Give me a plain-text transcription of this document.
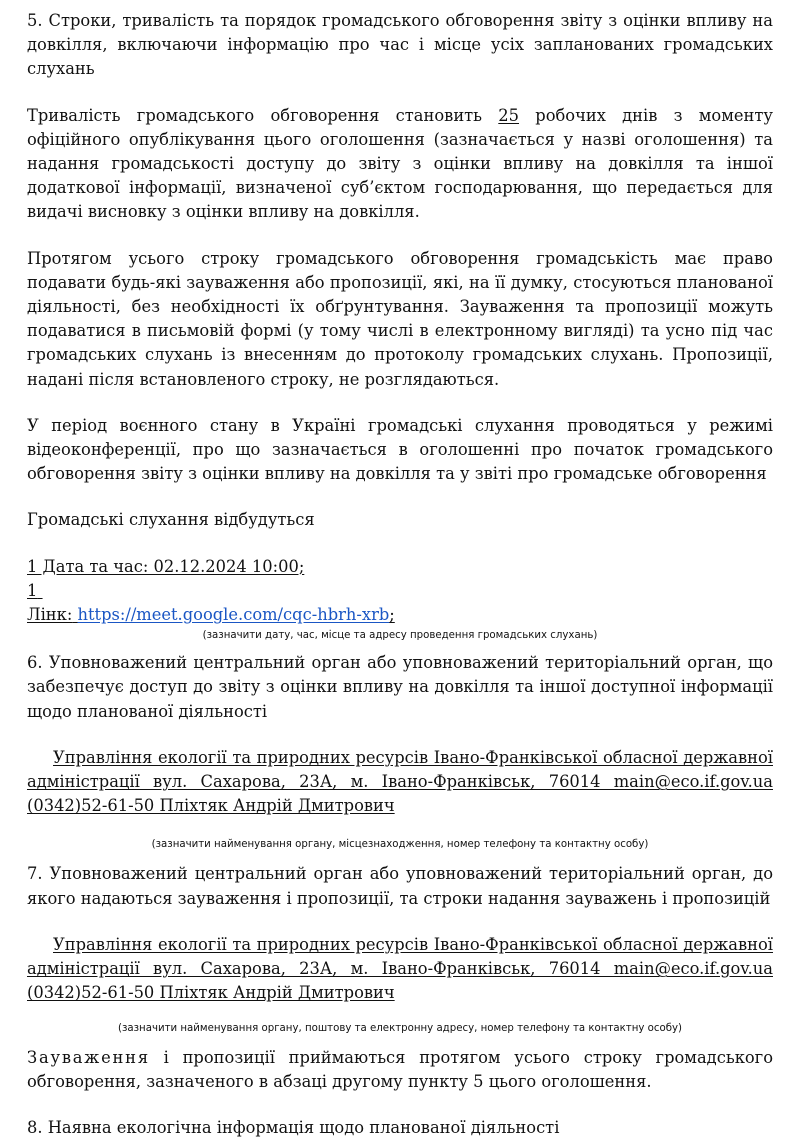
5. Строки, тривалість та порядок громадського обговорення звіту з оцінки впливу на довкілля, включаючи інформацію про час і місце усіх запланованих громадських слухань

Тривалість громадського обговорення становить 25 робочих днів з моменту офіційного опублікування цього оголошення (зазначається у назві оголошення) та надання громадськості доступу до звіту з оцінки впливу на довкілля та іншої додаткової інформації, визначеної суб’єктом господарювання, що передається для видачі висновку з оцінки впливу на довкілля.

Протягом усього строку громадського обговорення громадськість має право подавати будь-які зауваження або пропозиції, які, на її думку, стосуються планованої діяльності, без необхідності їх обґрунтування. Зауваження та пропозиції можуть подаватися в письмовій формі (у тому числі в електронному вигляді) та усно під час громадських слухань із внесенням до протоколу громадських слухань. Пропозиції, надані після встановленого строку, не розглядаються.

У період воєнного стану в Україні громадські слухання проводяться у режимі відеоконференції, про що зазначається в оголошенні про початок громадського обговорення звіту з оцінки впливу на довкілля та у звіті про громадське обговорення

Громадські слухання відбудуться

1 Дата та час: 02.12.2024 10:00;
1
Лінк: https://meet.google.com/cqc-hbrh-xrb;

(зазначити дату, час, місце та адресу проведення громадських слухань)

6. Уповноважений центральний орган або уповноважений територіальний орган, що забезпечує доступ до звіту з оцінки впливу на довкілля та іншої доступної інформації щодо планованої діяльності

Управління екології та природних ресурсів Івано-Франківської обласної державної адміністрації вул. Сахарова, 23А, м. Івано-Франківськ, 76014 main@eco.if.gov.ua (0342)52-61-50 Пліхтяк Андрій Дмитрович

(зазначити найменування органу, місцезнаходження, номер телефону та контактну особу)

7. Уповноважений центральний орган або уповноважений територіальний орган, до якого надаються зауваження і пропозиції, та строки надання зауважень і пропозицій

Управління екології та природних ресурсів Івано-Франківської обласної державної адміністрації вул. Сахарова, 23А, м. Івано-Франківськ, 76014 main@eco.if.gov.ua (0342)52-61-50 Пліхтяк Андрій Дмитрович

(зазначити найменування органу, поштову та електронну адресу, номер телефону та контактну особу)

Зауваження і пропозиції приймаються протягом усього строку громадського обговорення, зазначеного в абзаці другому пункту 5 цього оголошення.

8. Наявна екологічна інформація щодо планованої діяльності
